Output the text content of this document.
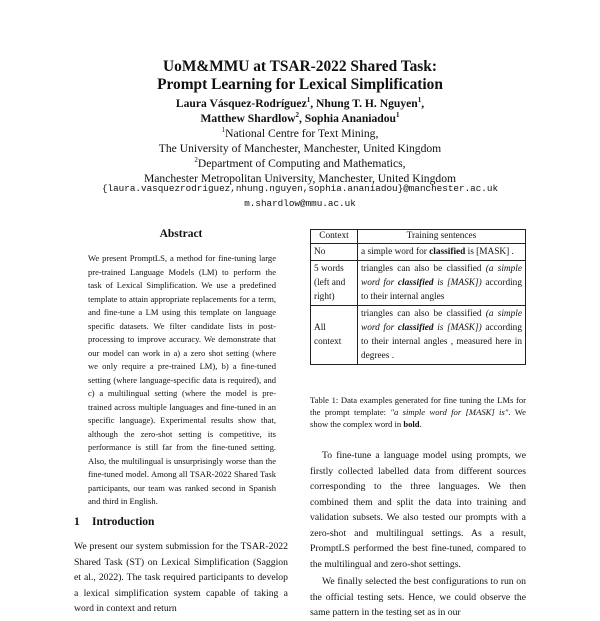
UoM&MMU at TSAR-2022 Shared Task:
Prompt Learning for Lexical Simplification
Laura Vásquez-Rodríguez$^1$, Nhung T. H. Nguyen$^1$,
Matthew Shardlow$^2$, Sophia Ananiadou$^1$
$^1$National Centre for Text Mining,
The University of Manchester, Manchester, United Kingdom
$^2$Department of Computing and Mathematics,
Manchester Metropolitan University, Manchester, United Kingdom
{laura.vasquezrodriguez,nhung.nguyen,sophia.ananiadou}@manchester.ac.uk
m.shardlow@mmu.ac.uk
Abstract
We present PromptLS, a method for fine-tuning large pre-trained Language Models (LM) to perform the task of Lexical Simplification. We use a predefined template to attain appropriate replacements for a term, and fine-tune a LM using this template on language specific datasets. We filter candidate lists in post-processing to improve accuracy. We demonstrate that our model can work in a) a zero shot setting (where we only require a pre-trained LM), b) a fine-tuned setting (where language-specific data is required), and c) a multilingual setting (where the model is pre-trained across multiple languages and fine-tuned in an specific language). Experimental results show that, although the zero-shot setting is competitive, its performance is still far from the fine-tuned setting. Also, the multilingual is unsurprisingly worse than the fine-tuned model. Among all TSAR-2022 Shared Task participants, our team was ranked second in Spanish and third in English.
1 Introduction
We present our system submission for the TSAR-2022 Shared Task (ST) on Lexical Simplification (Saggion et al., 2022). The task required participants to develop a lexical simplification system capable of taking a word in context and return
Context	Training sentences
No	a simple word for classified is [MASK] .
5 words (left and right)	triangles can also be classified (a simple word for classified is [MASK]) according to their internal angles
All context	triangles can also be classified (a simple word for classified is [MASK]) according to their internal angles , measured here in degrees .
Table 1: Data examples generated for fine tuning the LMs for the prompt template: "a simple word for [MASK] is". We show the complex word in bold.

To fine-tune a language model using prompts, we firstly collected labelled data from different sources corresponding to the three languages. We then combined them and split the data into training and validation subsets. We also tested our prompts with a zero-shot and multilingual settings. As a result, PromptLS performed the best fine-tuned, compared to the multilingual and zero-shot settings.

We finally selected the best configurations to run on the official testing sets. Hence, we could observe the same pattern in the testing set as in our
